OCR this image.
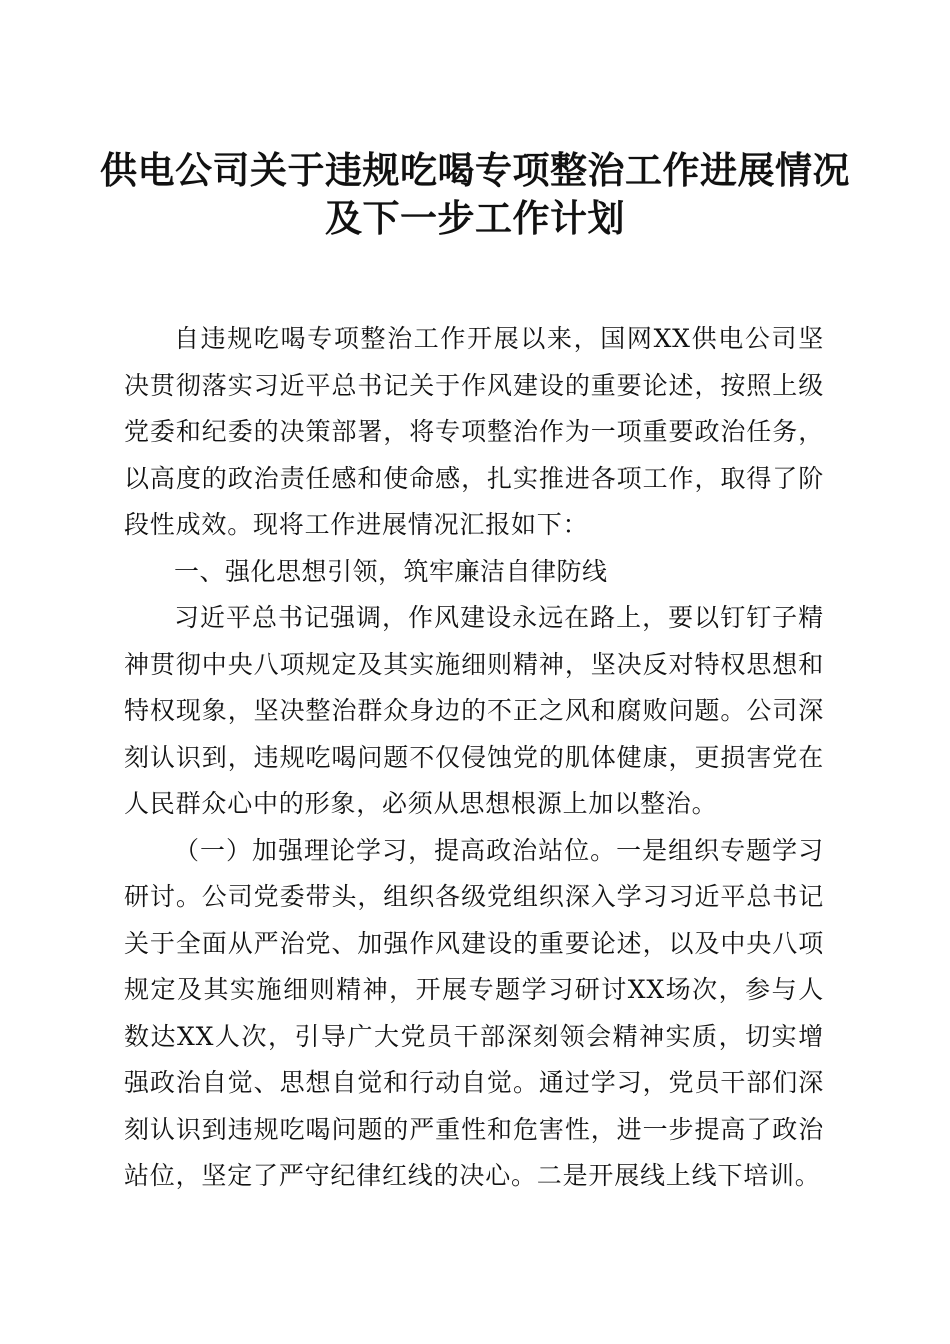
供电公司关于违规吃喝专项整治工作进展情况
及下一步工作计划

自违规吃喝专项整治工作开展以来，国网XX供电公司坚决贯彻落实习近平总书记关于作风建设的重要论述，按照上级党委和纪委的决策部署，将专项整治作为一项重要政治任务，以高度的政治责任感和使命感，扎实推进各项工作，取得了阶段性成效。现将工作进展情况汇报如下：

一、强化思想引领，筑牢廉洁自律防线

习近平总书记强调，作风建设永远在路上，要以钉钉子精神贯彻中央八项规定及其实施细则精神，坚决反对特权思想和特权现象，坚决整治群众身边的不正之风和腐败问题。公司深刻认识到，违规吃喝问题不仅侵蚀党的肌体健康，更损害党在人民群众心中的形象，必须从思想根源上加以整治。

（一）加强理论学习，提高政治站位。一是组织专题学习研讨。公司党委带头，组织各级党组织深入学习习近平总书记关于全面从严治党、加强作风建设的重要论述，以及中央八项规定及其实施细则精神，开展专题学习研讨XX场次，参与人数达XX人次，引导广大党员干部深刻领会精神实质，切实增强政治自觉、思想自觉和行动自觉。通过学习，党员干部们深刻认识到违规吃喝问题的严重性和危害性，进一步提高了政治站位，坚定了严守纪律红线的决心。二是开展线上线下培训。
